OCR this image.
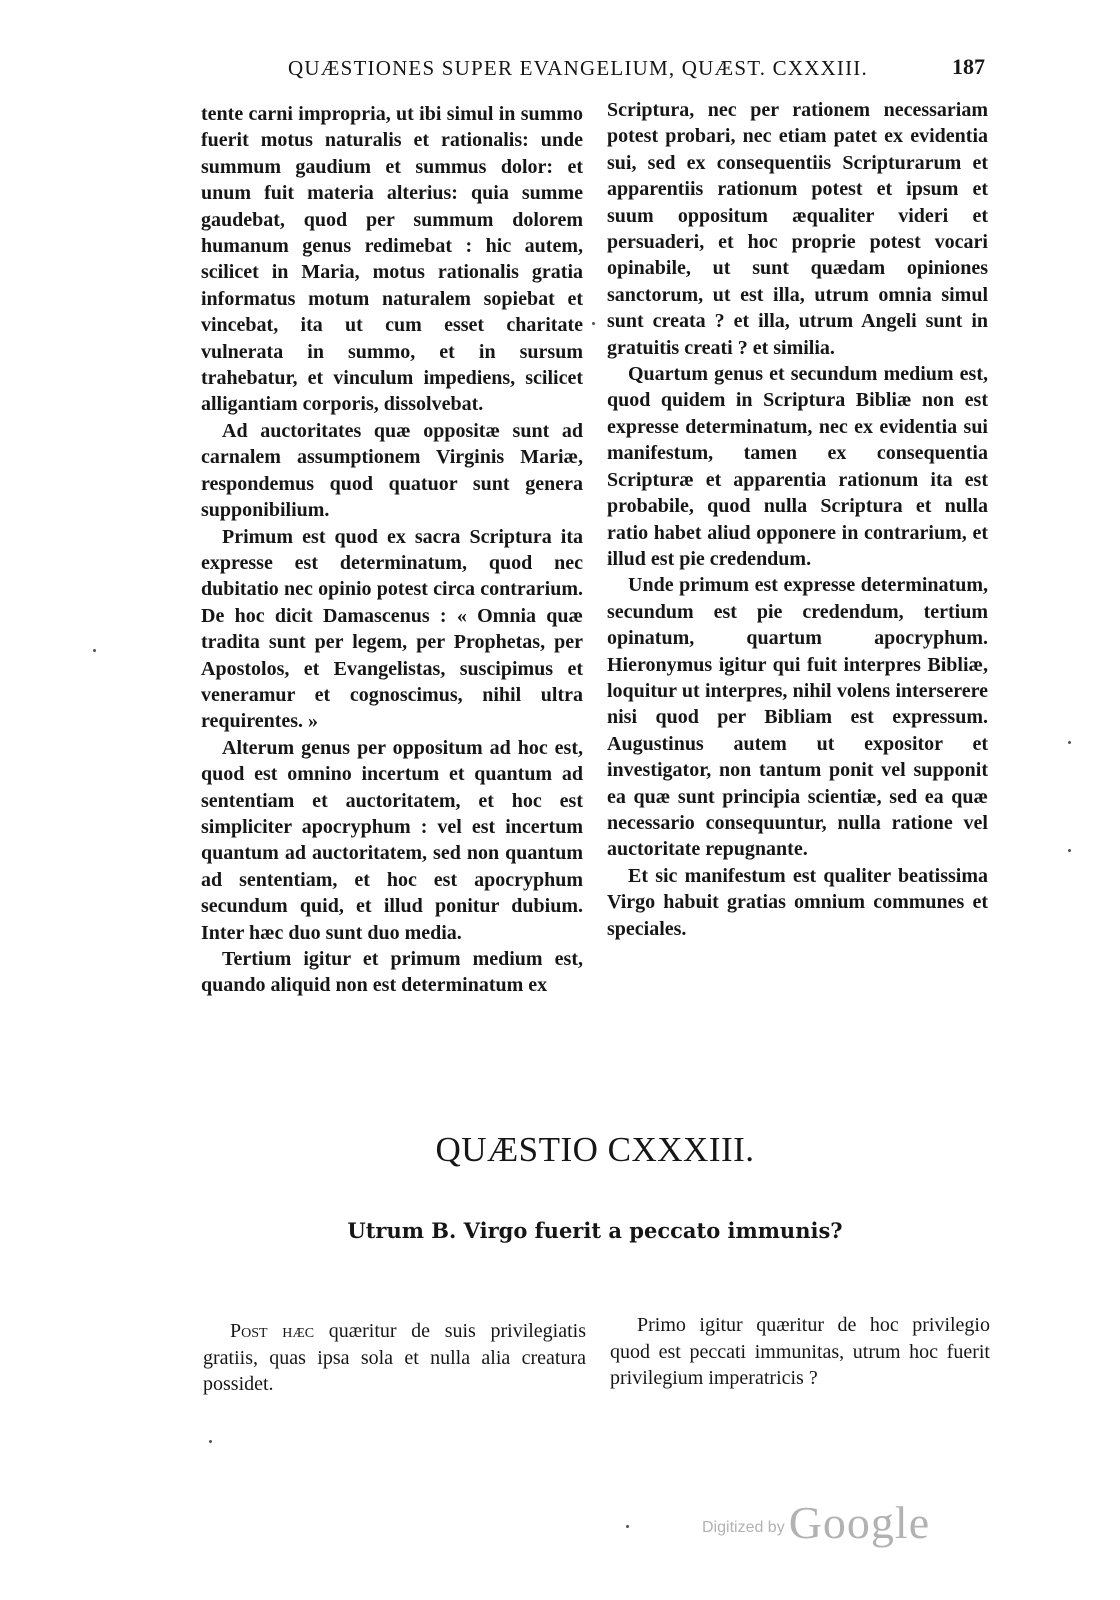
QUÆSTIONES SUPER EVANGELIUM, QUÆST. CXXXIII.	187

tente carni impropria, ut ibi simul in summo fuerit motus naturalis et rationalis: unde summum gaudium et summus dolor: et unum fuit materia alterius: quia summe gaudebat, quod per summum dolorem humanum genus redimebat : hic autem, scilicet in Maria, motus rationalis gratia informatus motum naturalem sopiebat et vincebat, ita ut cum esset charitate vulnerata in summo, et in sursum trahebatur, et vinculum impediens, scilicet alligantiam corporis, dissolvebat.

Ad auctoritates quæ oppositæ sunt ad carnalem assumptionem Virginis Mariæ, respondemus quod quatuor sunt genera supponibilium.

Primum est quod ex sacra Scriptura ita expresse est determinatum, quod nec dubitatio nec opinio potest circa contrarium. De hoc dicit Damascenus : « Omnia quæ tradita sunt per legem, per Prophetas, per Apostolos, et Evangelistas, suscipimus et veneramur et cognoscimus, nihil ultra requirentes. »

Alterum genus per oppositum ad hoc est, quod est omnino incertum et quantum ad sententiam et auctoritatem, et hoc est simpliciter apocryphum : vel est incertum quantum ad auctoritatem, sed non quantum ad sententiam, et hoc est apocryphum secundum quid, et illud ponitur dubium. Inter hæc duo sunt duo media.

Tertium igitur et primum medium est, quando aliquid non est determinatum ex

Scriptura, nec per rationem necessariam potest probari, nec etiam patet ex evidentia sui, sed ex consequentiis Scripturarum et apparentiis rationum potest et ipsum et suum oppositum æqualiter videri et persuaderi, et hoc proprie potest vocari opinabile, ut sunt quædam opiniones sanctorum, ut est illa, utrum omnia simul sunt creata ? et illa, utrum Angeli sunt in gratuitis creati ? et similia.

Quartum genus et secundum medium est, quod quidem in Scriptura Bibliæ non est expresse determinatum, nec ex evidentia sui manifestum, tamen ex consequentia Scripturæ et apparentia rationum ita est probabile, quod nulla Scriptura et nulla ratio habet aliud opponere in contrarium, et illud est pie credendum.

Unde primum est expresse determinatum, secundum est pie credendum, tertium opinatum, quartum apocryphum. Hieronymus igitur qui fuit interpres Bibliæ, loquitur ut interpres, nihil volens interserere nisi quod per Bibliam est expressum. Augustinus autem ut expositor et investigator, non tantum ponit vel supponit ea quæ sunt principia scientiæ, sed ea quæ necessario consequuntur, nulla ratione vel auctoritate repugnante.

Et sic manifestum est qualiter beatissima Virgo habuit gratias omnium communes et speciales.

QUÆSTIO CXXXIII.
Utrum B. Virgo fuerit a peccato immunis?

Post hæc quæritur de suis privilegiatis gratiis, quas ipsa sola et nulla alia creatura possidet.

Primo igitur quæritur de hoc privilegio quod est peccati immunitas, utrum hoc fuerit privilegium imperatricis ?

Digitized by Google
